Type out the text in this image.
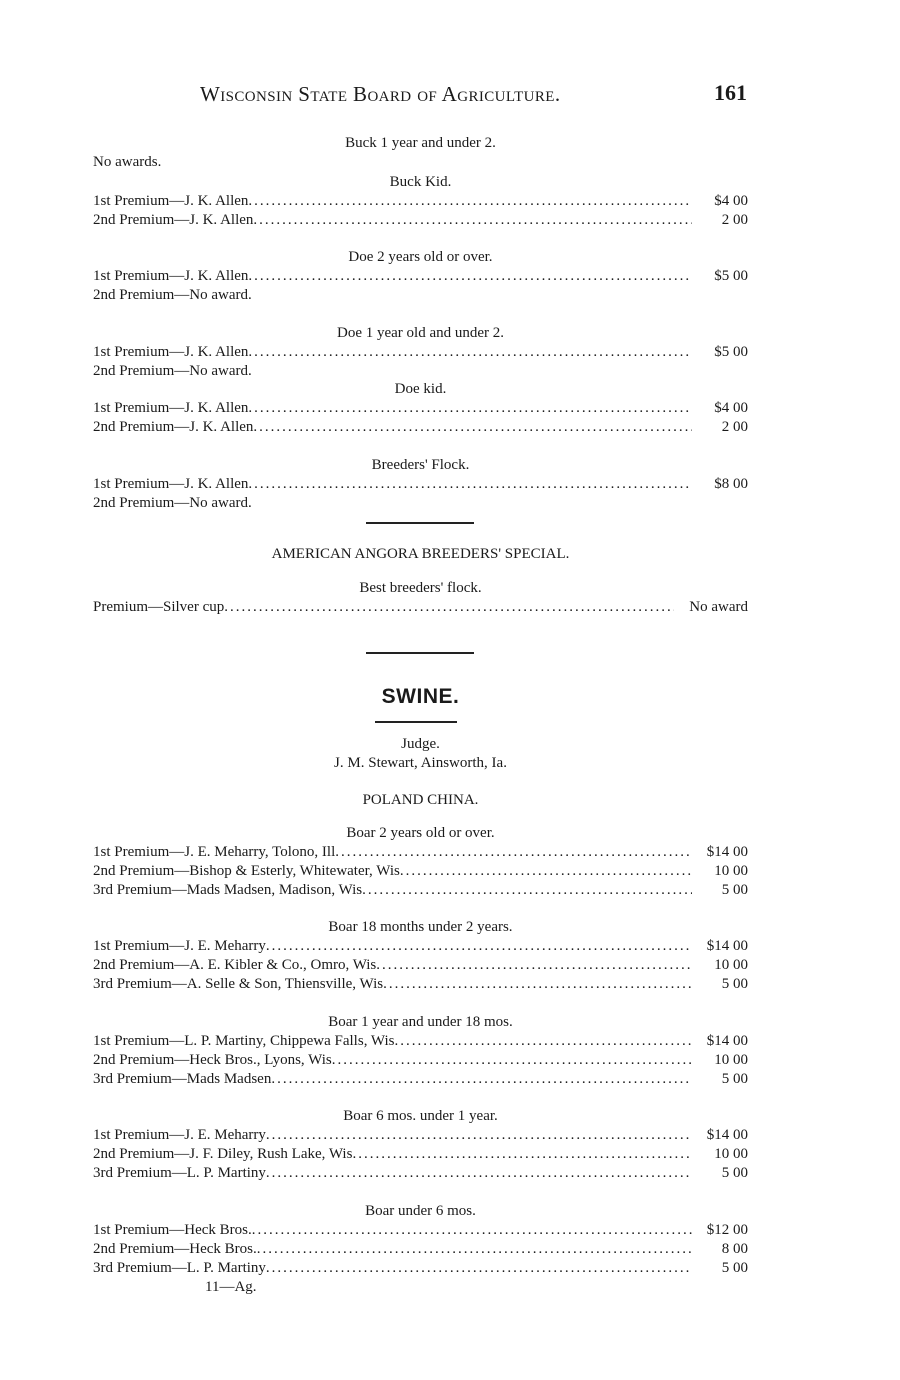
Wisconsin State Board of Agriculture.	161
Buck 1 year and under 2.
No awards.
Buck Kid.
1st Premium—J. K. Allen .....	$4 00
2nd Premium—J. K. Allen .....	2 00
Doe 2 years old or over.
1st Premium—J. K. Allen .....	$5 00
2nd Premium—No award.
Doe 1 year old and under 2.
1st Premium—J. K. Allen .....	$5 00
2nd Premium—No award.
Doe kid.
1st Premium—J. K. Allen .....	$4 00
2nd Premium—J. K. Allen .....	2 00
Breeders' Flock.
1st Premium—J. K. Allen .....	$8 00
2nd Premium—No award.
AMERICAN ANGORA BREEDERS' SPECIAL.
Best breeders' flock.
Premium—Silver cup .....	No award
SWINE.
Judge.
J. M. Stewart, Ainsworth, Ia.
POLAND CHINA.
Boar 2 years old or over.
1st Premium—J. E. Meharry, Tolono, Ill .....	$14 00
2nd Premium—Bishop & Esterly, Whitewater, Wis .....	10 00
3rd Premium—Mads Madsen, Madison, Wis .....	5 00
Boar 18 months under 2 years.
1st Premium—J. E. Meharry .....	$14 00
2nd Premium—A. E. Kibler & Co., Omro, Wis .....	10 00
3rd Premium—A. Selle & Son, Thiensville, Wis .....	5 00
Boar 1 year and under 18 mos.
1st Premium—L. P. Martiny, Chippewa Falls, Wis .....	$14 00
2nd Premium—Heck Bros., Lyons, Wis .....	10 00
3rd Premium—Mads Madsen .....	5 00
Boar 6 mos. under 1 year.
1st Premium—J. E. Meharry .....	$14 00
2nd Premium—J. F. Diley, Rush Lake, Wis .....	10 00
3rd Premium—L. P. Martiny .....	5 00
Boar under 6 mos.
1st Premium—Heck Bros. .....	$12 00
2nd Premium—Heck Bros. .....	8 00
3rd Premium—L. P. Martiny .....	5 00
11—Ag.
